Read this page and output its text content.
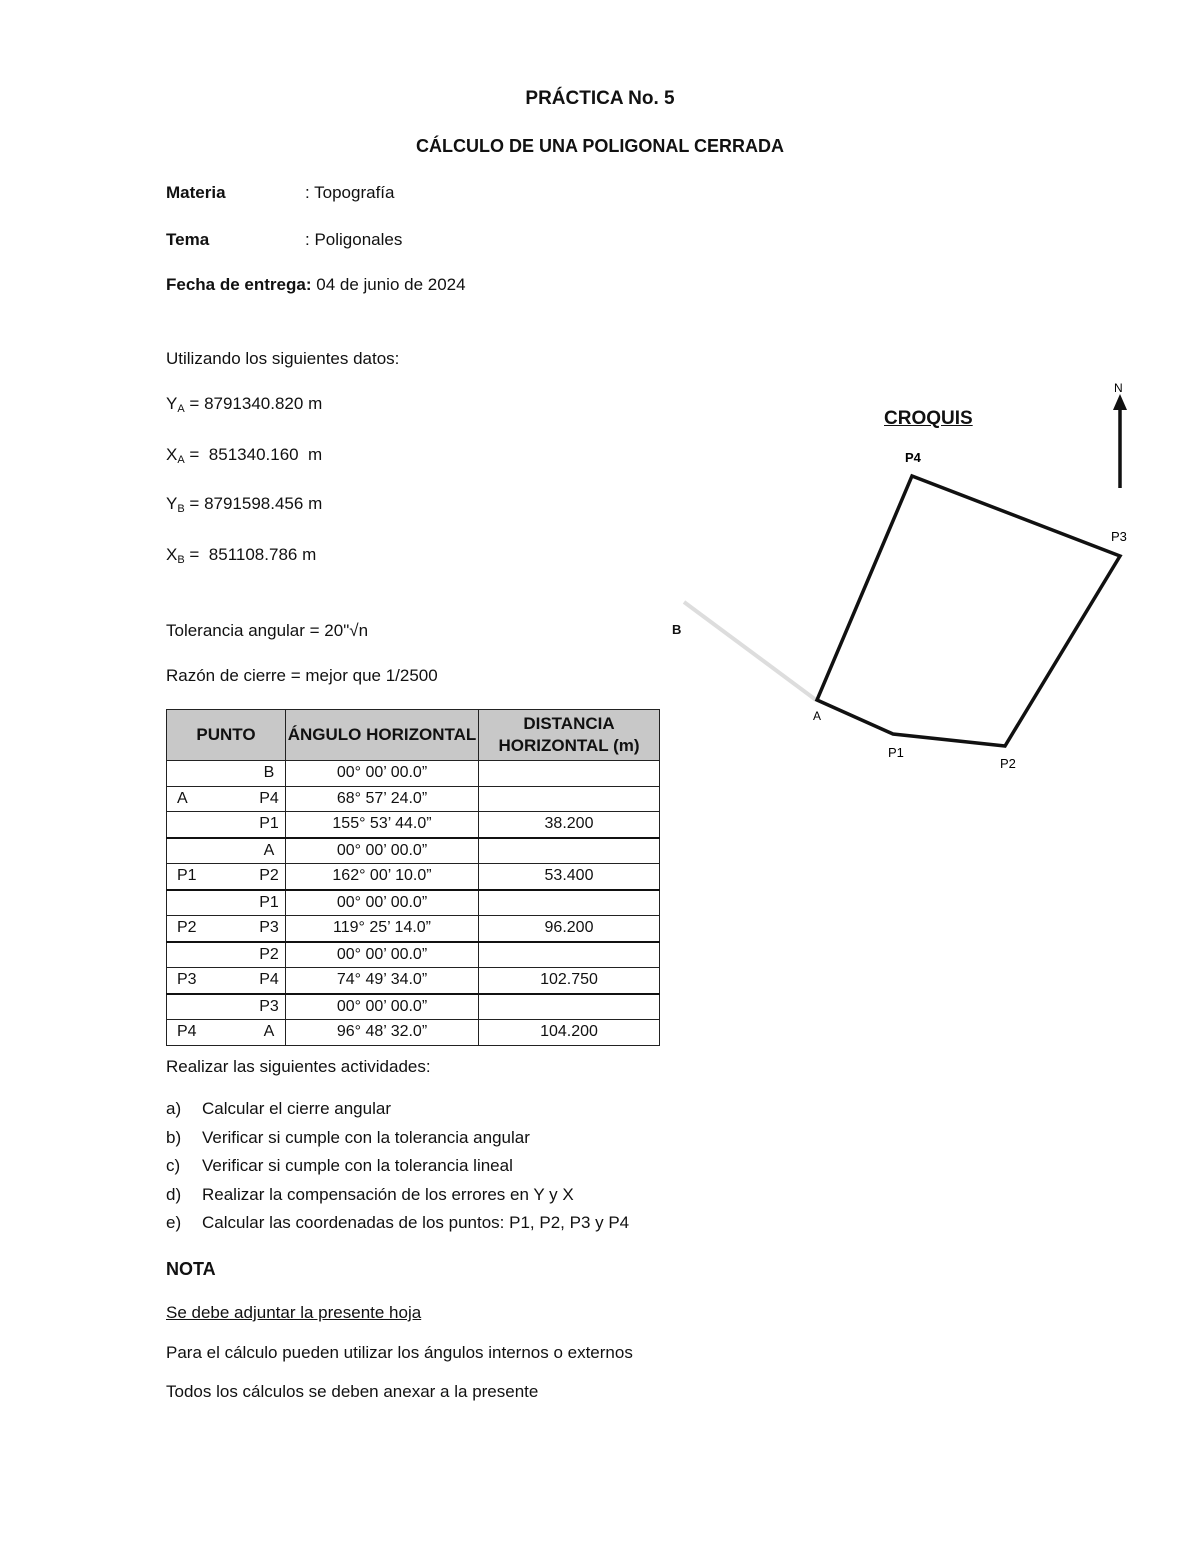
PRÁCTICA No. 5
CÁLCULO DE UNA POLIGONAL CERRADA
Materia	: Topografía
Tema	: Poligonales
Fecha de entrega: 04 de junio de 2024
Utilizando los siguientes datos:
$Y_A = 8791340.820$ m
$X_A = 851340.160$  m
$Y_B = 8791598.456$ m
$X_B = 851108.786$ m
Tolerancia angular = 20"√n
Razón de cierre = mejor que 1/2500
PUNTO		ÁNGULO HORIZONTAL	DISTANCIA HORIZONTAL (m)
	B	00° 00’ 00.0”	
A	P4	68° 57’ 24.0”	
	P1	155° 53’ 44.0”	38.200
	A	00° 00’ 00.0”	
P1	P2	162° 00’ 10.0”	53.400
	P1	00° 00’ 00.0”	
P2	P3	119° 25’ 14.0”	96.200
	P2	00° 00’ 00.0”	
P3	P4	74° 49’ 34.0”	102.750
	P3	00° 00’ 00.0”	
P4	A	96° 48’ 32.0”	104.200
Realizar las siguientes actividades:
a) Calcular el cierre angular
b) Verificar si cumple con la tolerancia angular
c) Verificar si cumple con la tolerancia lineal
d) Realizar la compensación de los errores en Y y X
e) Calcular las coordenadas de los puntos: P1, P2, P3 y P4
NOTA
Se debe adjuntar la presente hoja
Para el cálculo pueden utilizar los ángulos internos o externos
Todos los cálculos se deben anexar a la presente
CROQUIS
B
N
P4
P3
A
P1
P2
